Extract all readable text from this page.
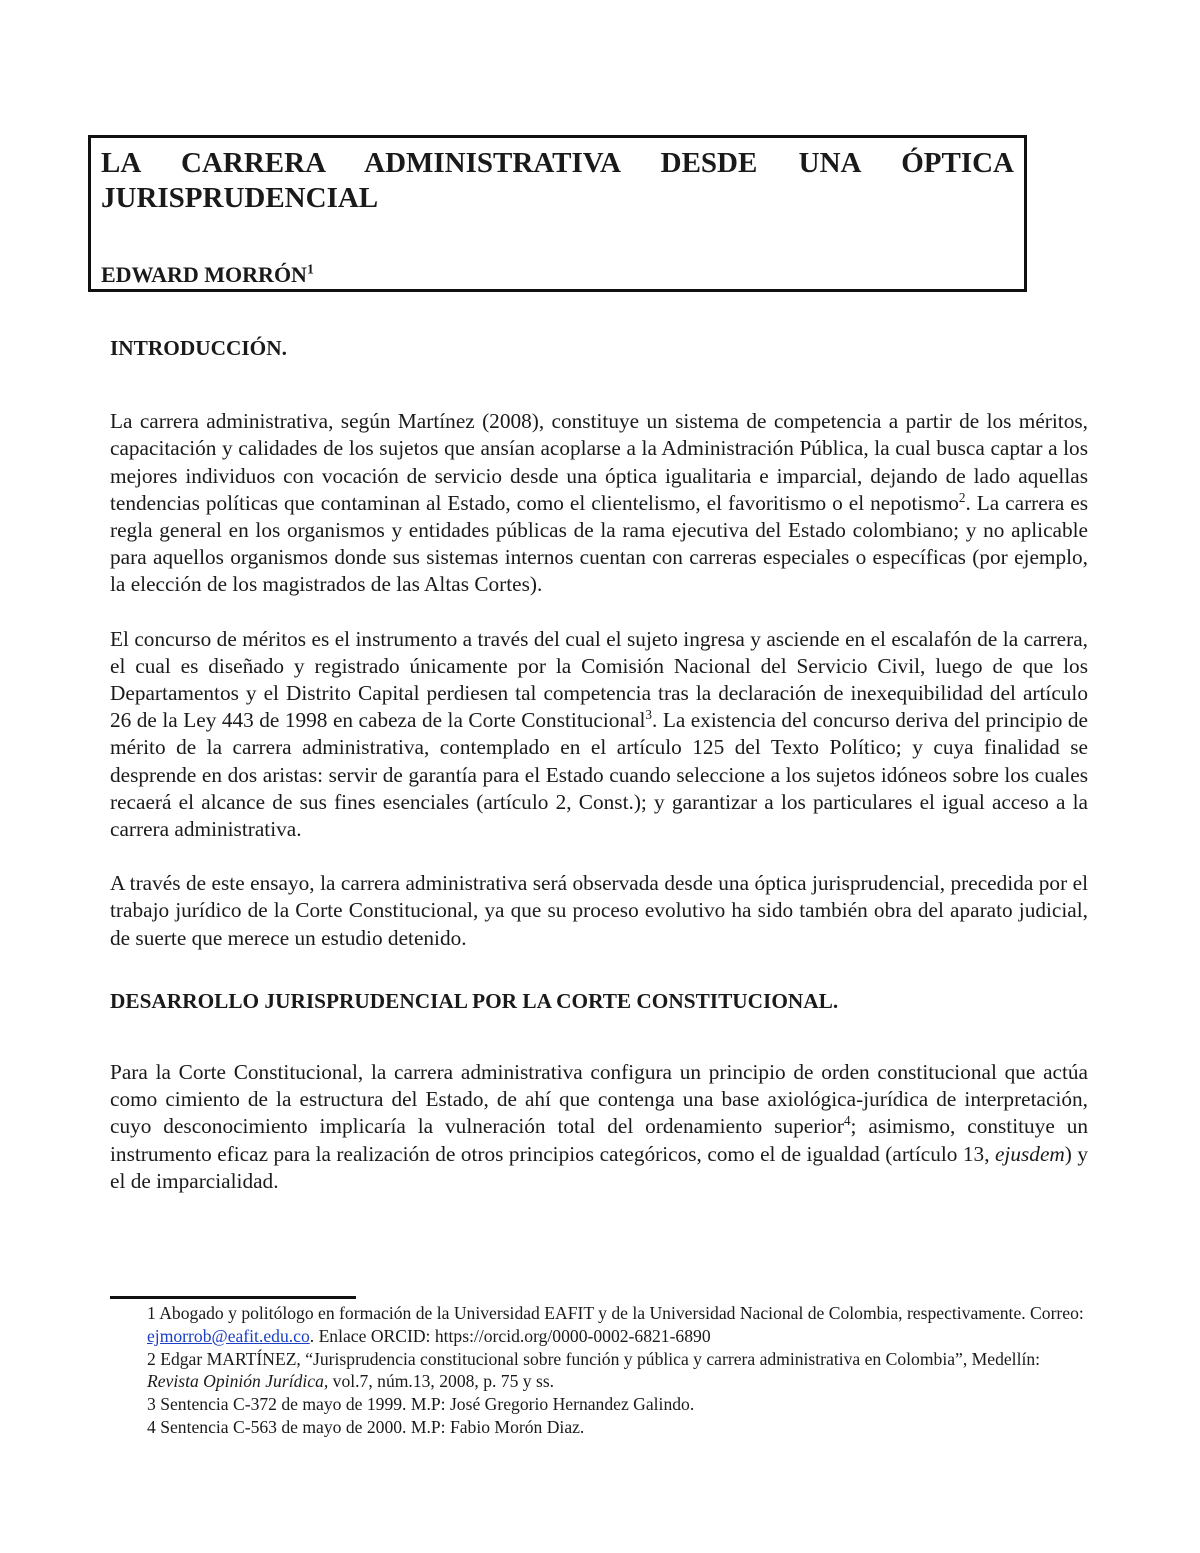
LA CARRERA ADMINISTRATIVA DESDE UNA ÓPTICA
JURISPRUDENCIAL

EDWARD MORRÓN$^1$

INTRODUCCIÓN.

La carrera administrativa, según Martínez (2008), constituye un sistema de competencia a partir de los méritos, capacitación y calidades de los sujetos que ansían acoplarse a la Administración Pública, la cual busca captar a los mejores individuos con vocación de servicio desde una óptica igualitaria e imparcial, dejando de lado aquellas tendencias políticas que contaminan al Estado, como el clientelismo, el favoritismo o el nepotismo$^2$. La carrera es regla general en los organismos y entidades públicas de la rama ejecutiva del Estado colombiano; y no aplicable para aquellos organismos donde sus sistemas internos cuentan con carreras especiales o específicas (por ejemplo, la elección de los magistrados de las Altas Cortes).

El concurso de méritos es el instrumento a través del cual el sujeto ingresa y asciende en el escalafón de la carrera, el cual es diseñado y registrado únicamente por la Comisión Nacional del Servicio Civil, luego de que los Departamentos y el Distrito Capital perdiesen tal competencia tras la declaración de inexequibilidad del artículo 26 de la Ley 443 de 1998 en cabeza de la Corte Constitucional$^3$. La existencia del concurso deriva del principio de mérito de la carrera administrativa, contemplado en el artículo 125 del Texto Político; y cuya finalidad se desprende en dos aristas: servir de garantía para el Estado cuando seleccione a los sujetos idóneos sobre los cuales recaerá el alcance de sus fines esenciales (artículo 2, Const.); y garantizar a los particulares el igual acceso a la carrera administrativa.

A través de este ensayo, la carrera administrativa será observada desde una óptica jurisprudencial, precedida por el trabajo jurídico de la Corte Constitucional, ya que su proceso evolutivo ha sido también obra del aparato judicial, de suerte que merece un estudio detenido.

DESARROLLO JURISPRUDENCIAL POR LA CORTE CONSTITUCIONAL.

Para la Corte Constitucional, la carrera administrativa configura un principio de orden constitucional que actúa como cimiento de la estructura del Estado, de ahí que contenga una base axiológica-jurídica de interpretación, cuyo desconocimiento implicaría la vulneración total del ordenamiento superior$^4$; asimismo, constituye un instrumento eficaz para la realización de otros principios categóricos, como el de igualdad (artículo 13, ejusdem) y el de imparcialidad.

1 Abogado y politólogo en formación de la Universidad EAFIT y de la Universidad Nacional de Colombia, respectivamente. Correo: ejmorrob@eafit.edu.co. Enlace ORCID: https://orcid.org/0000-0002-6821-6890

2 Edgar MARTÍNEZ, “Jurisprudencia constitucional sobre función y pública y carrera administrativa en Colombia”, Medellín: Revista Opinión Jurídica, vol.7, núm.13, 2008, p. 75 y ss.

3 Sentencia C-372 de mayo de 1999. M.P: José Gregorio Hernandez Galindo.

4 Sentencia C-563 de mayo de 2000. M.P: Fabio Morón Diaz.
